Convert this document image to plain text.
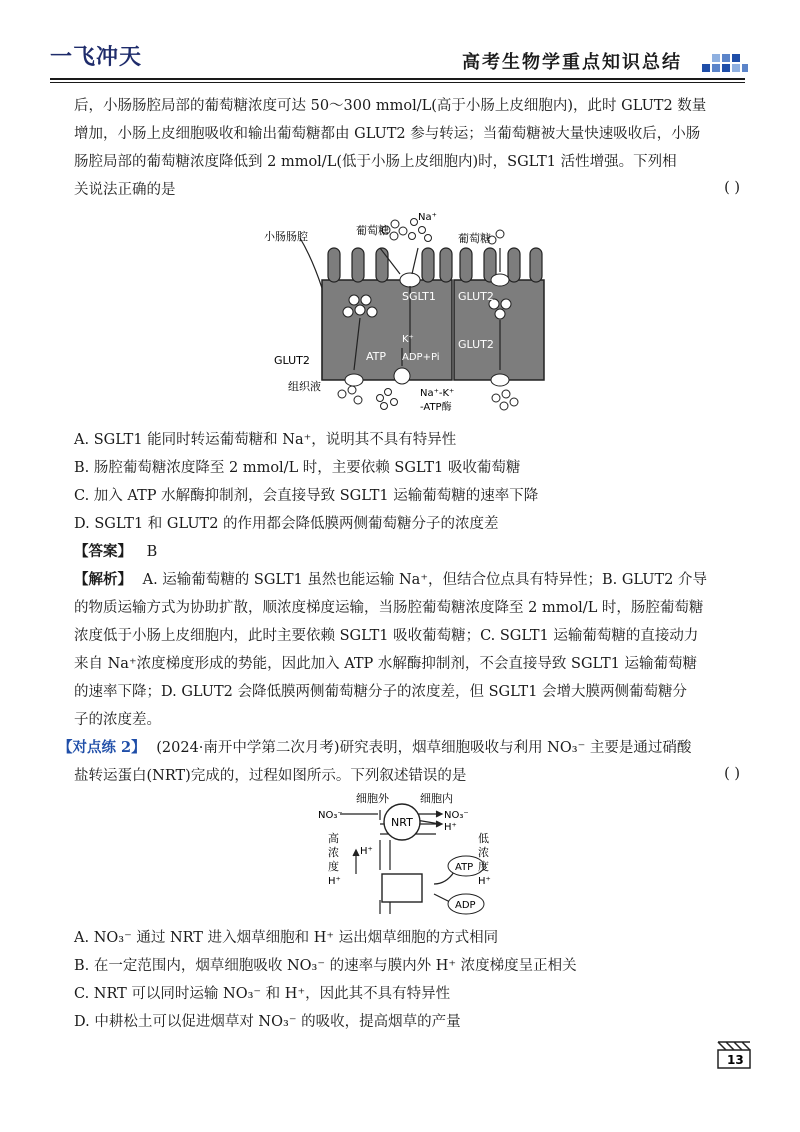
一飞冲天	高考生物学重点知识总结
后，小肠肠腔局部的葡萄糖浓度可达 50～300 mmol/L(高于小肠上皮细胞内)，此时 GLUT2 数量
增加，小肠上皮细胞吸收和输出葡萄糖都由 GLUT2 参与转运；当葡萄糖被大量快速吸收后，小肠
肠腔局部的葡萄糖浓度降低到 2 mmol/L(低于小肠上皮细胞内)时，SGLT1 活性增强。下列相
关说法正确的是	( )
小肠肠腔	葡萄糖
Na⁺
葡萄糖
SGLT1 GLUT2
GLUT2
GLUT2
K⁺
ATP ADP+Pi
组织液
Na⁺-K⁺
-ATP酶
A. SGLT1 能同时转运葡萄糖和 Na⁺，说明其不具有特异性
B. 肠腔葡萄糖浓度降至 2 mmol/L 时，主要依赖 SGLT1 吸收葡萄糖
C. 加入 ATP 水解酶抑制剂，会直接导致 SGLT1 运输葡萄糖的速率下降
D. SGLT1 和 GLUT2 的作用都会降低膜两侧葡萄糖分子的浓度差
【答案】 B
【解析】 A. 运输葡萄糖的 SGLT1 虽然也能运输 Na⁺，但结合位点具有特异性；B. GLUT2 介导
的物质运输方式为协助扩散，顺浓度梯度运输，当肠腔葡萄糖浓度降至 2 mmol/L 时，肠腔葡萄糖
浓度低于小肠上皮细胞内，此时主要依赖 SGLT1 吸收葡萄糖；C. SGLT1 运输葡萄糖的直接动力
来自 Na⁺浓度梯度形成的势能，因此加入 ATP 水解酶抑制剂，不会直接导致 SGLT1 运输葡萄糖
的速率下降；D. GLUT2 会降低膜两侧葡萄糖分子的浓度差，但 SGLT1 会增大膜两侧葡萄糖分
子的浓度差。
【对点练 2】 (2024·南开中学第二次月考)研究表明，烟草细胞吸收与利用 NO₃⁻ 主要是通过硝酸
盐转运蛋白(NRT)完成的，过程如图所示。下列叙述错误的是	( )
细胞外	细胞内
NRT
NO₃⁻	NO₃⁻
H⁺
H⁺
高
浓
度
H⁺
低
浓
度
H⁺
ATP
ADP
A. NO₃⁻ 通过 NRT 进入烟草细胞和 H⁺ 运出烟草细胞的方式相同
B. 在一定范围内，烟草细胞吸收 NO₃⁻ 的速率与膜内外 H⁺ 浓度梯度呈正相关
C. NRT 可以同时运输 NO₃⁻ 和 H⁺，因此其不具有特异性
D. 中耕松土可以促进烟草对 NO₃⁻ 的吸收，提高烟草的产量
13
